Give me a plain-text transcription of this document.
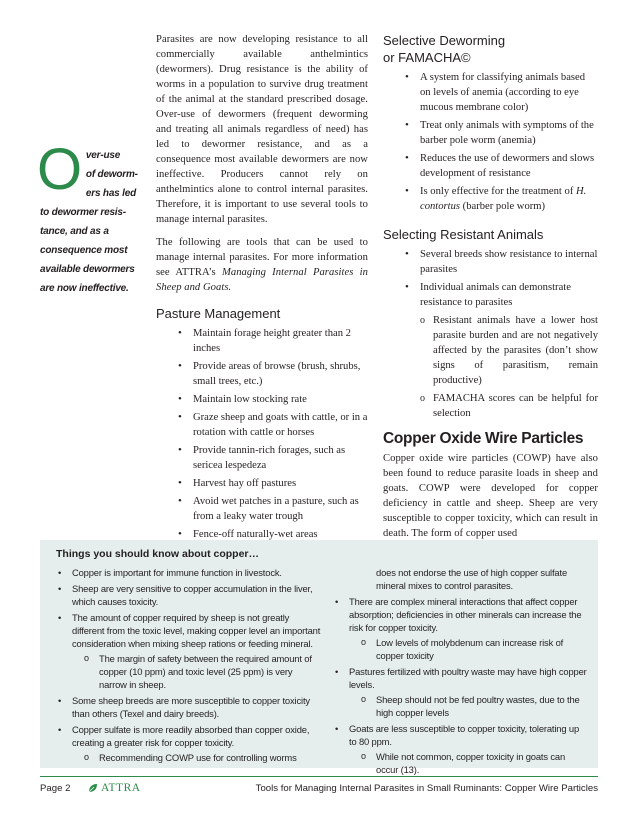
O ver-use
of deworm-
ers has led
to dewormer resis-
tance, and as a
consequence most
available dewormers
are now ineffective.

Parasites are now developing resistance to all commercially available anthelmintics (dewormers). Drug resistance is the ability of worms in a population to survive drug treatment of the animal at the standard prescribed dosage. Over-use of dewormers (frequent deworming and treating all animals regardless of need) has led to dewormer resistance, and as a consequence most available dewormers are now ineffective. Producers cannot rely on anthelmintics alone to control internal parasites. Therefore, it is important to use several tools to manage internal parasites.

The following are tools that can be used to manage internal parasites. For more information see ATTRA’s Managing Internal Parasites in Sheep and Goats.

Pasture Management
• Maintain forage height greater than 2 inches
• Provide areas of browse (brush, shrubs, small trees, etc.)
• Maintain low stocking rate
• Graze sheep and goats with cattle, or in a rotation with cattle or horses
• Provide tannin-rich forages, such as sericea lespedeza
• Harvest hay off pastures
• Avoid wet patches in a pasture, such as from a leaky water trough
• Fence-off naturally-wet areas
Selective Deworming
or FAMACHA©
• A system for classifying animals based on levels of anemia (according to eye mucous membrane color)
• Treat only animals with symptoms of the barber pole worm (anemia)
• Reduces the use of dewormers and slows development of resistance
• Is only effective for the treatment of H. contortus (barber pole worm)
Selecting Resistant Animals
• Several breeds show resistance to internal parasites
• Individual animals can demonstrate resistance to parasites
o Resistant animals have a lower host parasite burden and are not negatively affected by the parasites (don’t show signs of parasitism, remain productive)
o FAMACHA scores can be helpful for selection
Copper Oxide Wire Particles

Copper oxide wire particles (COWP) have also been found to reduce parasite loads in sheep and goats. COWP were developed for copper deficiency in cattle and sheep. Sheep are very susceptible to copper toxicity, which can result in death. The form of copper used

Things you should know about copper…
• Copper is important for immune function in livestock.
• Sheep are very sensitive to copper accumulation in the liver, which causes toxicity.
• The amount of copper required by sheep is not greatly different from the toxic level, making copper level an important consideration when mixing sheep rations or feeding mineral.
o The margin of safety between the required amount of copper (10 ppm) and toxic level (25 ppm) is very narrow in sheep.
• Some sheep breeds are more susceptible to copper toxicity than others (Texel and dairy breeds).
• Copper sulfate is more readily absorbed than copper oxide, creating a greater risk for copper toxicity.
o Recommending COWP use for controlling worms
does not endorse the use of high copper sulfate mineral mixes to control parasites.
• There are complex mineral interactions that affect copper absorption; deficiencies in other minerals can increase the risk for copper toxicity.
o Low levels of molybdenum can increase risk of copper toxicity
• Pastures fertilized with poultry waste may have high copper levels.
o Sheep should not be fed poultry wastes, due to the high copper levels
• Goats are less susceptible to copper toxicity, tolerating up to 80 ppm.
o While not common, copper toxicity in goats can occur (13).
Page 2	ATTRA	Tools for Managing Internal Parasites in Small Ruminants: Copper Wire Particles
